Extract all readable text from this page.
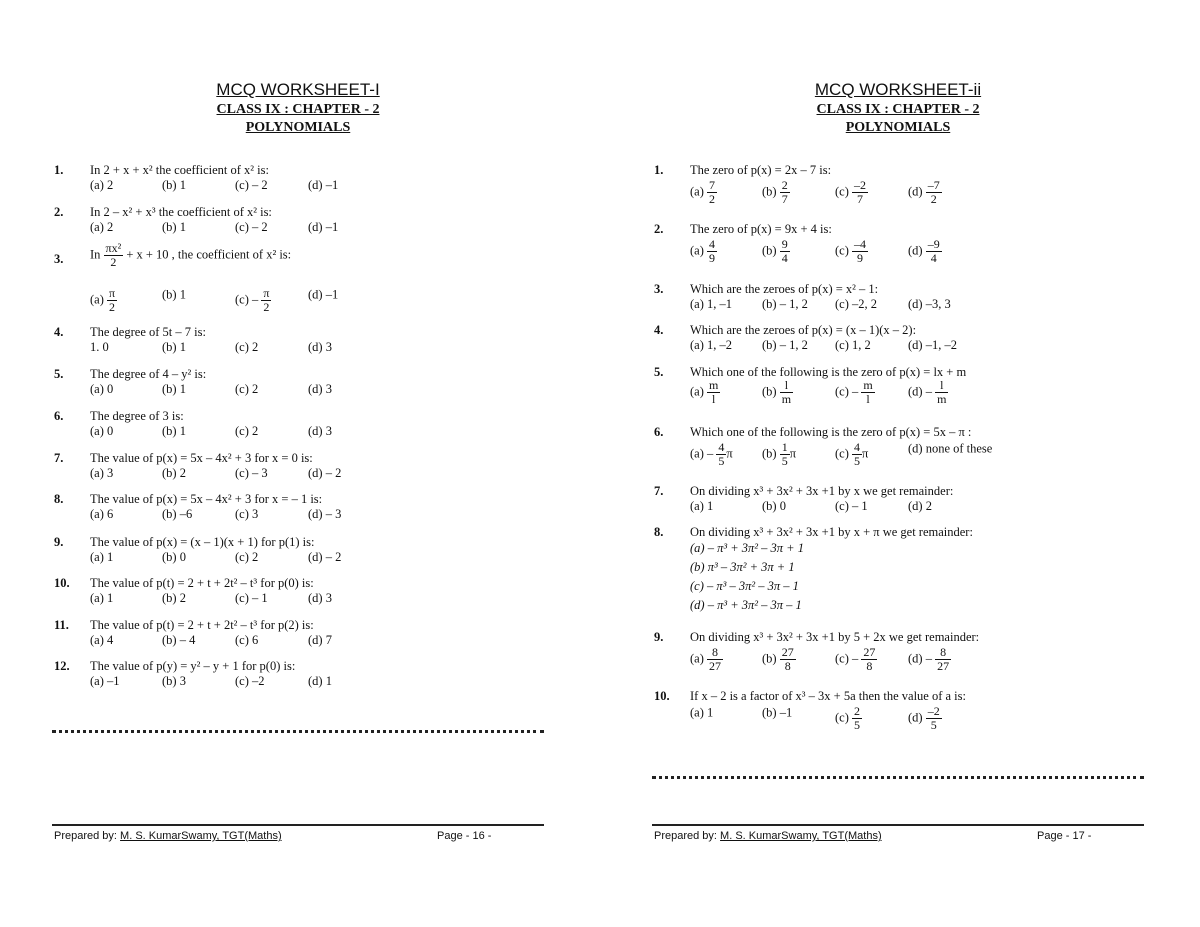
MCQ WORKSHEET-I
CLASS IX : CHAPTER - 2
POLYNOMIALS
1. In 2 + x + x² the coefficient of x² is:
(a) 2	(b) 1	(c) – 2	(d) –1
2. In 2 – x² + x³ the coefficient of x² is:
(a) 2	(b) 1	(c) – 2	(d) –1
3. In $\frac{\text{πx²}}{2} + x + 10$ , the coefficient of x² is:
$(a) \frac{\pi}{2}$	(b) 1	$(c) - \frac{\pi}{2}$	(d) –1
4. The degree of 5t – 7 is:
1. 0	(b) 1	(c) 2	(d) 3
5. The degree of 4 – y² is:
(a) 0	(b) 1	(c) 2	(d) 3
6. The degree of 3 is:
(a) 0	(b) 1	(c) 2	(d) 3
7. The value of p(x) = 5x – 4x² + 3 for x = 0 is:
(a) 3	(b) 2	(c) – 3	(d) – 2
8. The value of p(x) = 5x – 4x² + 3 for x = – 1 is:
(a) 6	(b) –6	(c) 3	(d) – 3
9. The value of p(x) = (x – 1)(x + 1) for p(1) is:
(a) 1	(b) 0	(c) 2	(d) – 2
10. The value of p(t) = 2 + t + 2t² – t³ for p(0) is:
(a) 1	(b) 2	(c) – 1	(d) 3
11. The value of p(t) = 2 + t + 2t² – t³ for p(2) is:
(a) 4	(b) – 4	(c) 6	(d) 7
12. The value of p(y) = y² – y + 1 for p(0) is:
(a) –1	(b) 3	(c) –2	(d) 1
Prepared by: M. S. KumarSwamy, TGT(Maths)	Page - 16 -
MCQ WORKSHEET-ii
CLASS IX : CHAPTER - 2
POLYNOMIALS
1. The zero of p(x) = 2x – 7 is:
$(a) \frac{7}{2}$	$(b) \frac{2}{7}$	$(c) \frac{-2}{7}$	$(d) \frac{-7}{2}$
2. The zero of p(x) = 9x + 4 is:
$(a) \frac{4}{9}$	$(b) \frac{9}{4}$	$(c) \frac{-4}{9}$	$(d) \frac{-9}{4}$
3. Which are the zeroes of p(x) = x² – 1:
(a) 1, –1 (b) – 1, 2 (c) –2, 2 (d) –3, 3
4. Which are the zeroes of p(x) = (x – 1)(x – 2):
(a) 1, –2 (b) – 1, 2 (c) 1, 2	(d) –1, –2
5. Which one of the following is the zero of p(x) = lx + m
$(a) \frac{m}{l}$	$(b) \frac{l}{m}$	$(c) - \frac{m}{l}$	$(d) - \frac{l}{m}$
6. Which one of the following is the zero of p(x) = 5x – π :
$(a) - \frac{4}{5}$ π $(b) \frac{1}{5}$ π	$(c) \frac{4}{5}$ π	(d) none of these
7. On dividing x³ + 3x² + 3x +1 by x we get remainder:
(a) 1	(b) 0	(c) – 1	(d) 2
8. On dividing x³ + 3x² + 3x +1 by x + π we get remainder:
(a) – π³ + 3π² – 3π + 1
(b) π³ – 3π² + 3π + 1
(c) – π³ – 3π² – 3π – 1
(d) – π³ + 3π² – 3π – 1
9. On dividing x³ + 3x² + 3x +1 by 5 + 2x we get remainder:
$(a) \frac{8}{27}$	$(b) \frac{27}{8}$	$(c) - \frac{27}{8} (d) - \frac{8}{27}$
10. If x – 2 is a factor of x³ – 3x + 5a then the value of a is:
(a) 1	(b) –1	$(c) \frac{2}{5}$	$(d) \frac{-2}{5}$
Prepared by: M. S. KumarSwamy, TGT(Maths)	Page - 17 -
